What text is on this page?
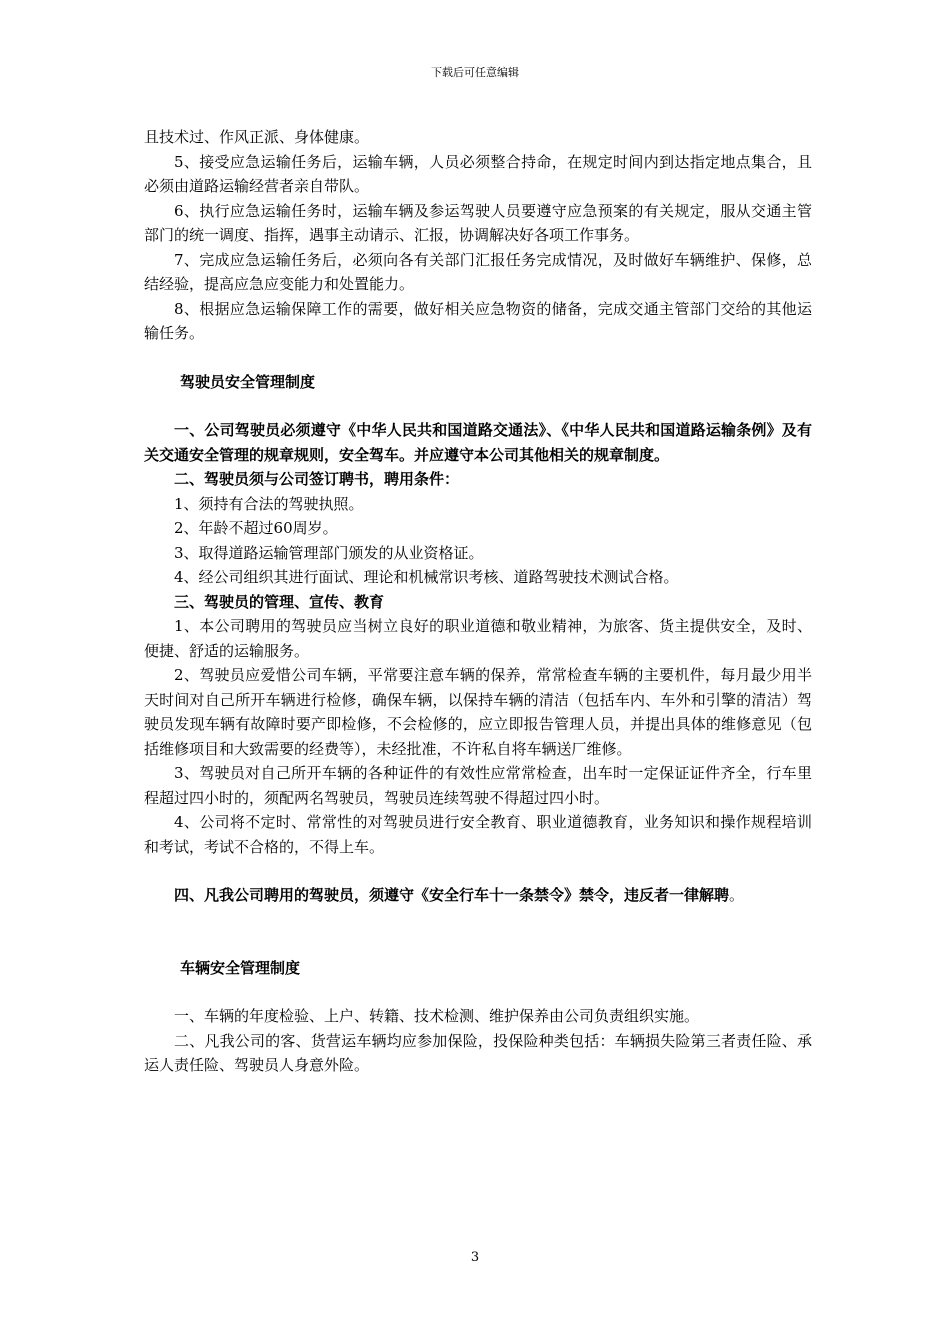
下载后可任意编辑

且技术过、作风正派、身体健康。

5、接受应急运输任务后，运输车辆，人员必须整合持命，在规定时间内到达指定地点集合，且必须由道路运输经营者亲自带队。

6、执行应急运输任务时，运输车辆及参运驾驶人员要遵守应急预案的有关规定，服从交通主管部门的统一调度、指挥，遇事主动请示、汇报，协调解决好各项工作事务。

7、完成应急运输任务后，必须向各有关部门汇报任务完成情况，及时做好车辆维护、保修，总结经验，提高应急应变能力和处置能力。

8、根据应急运输保障工作的需要，做好相关应急物资的储备，完成交通主管部门交给的其他运输任务。

驾驶员安全管理制度

一、公司驾驶员必须遵守《中华人民共和国道路交通法》、《中华人民共和国道路运输条例》及有关交通安全管理的规章规则，安全驾车。并应遵守本公司其他相关的规章制度。

二、驾驶员须与公司签订聘书，聘用条件：

1、须持有合法的驾驶执照。

2、年龄不超过60周岁。

3、取得道路运输管理部门颁发的从业资格证。

4、经公司组织其进行面试、理论和机械常识考核、道路驾驶技术测试合格。

三、驾驶员的管理、宣传、教育

1、本公司聘用的驾驶员应当树立良好的职业道德和敬业精神，为旅客、货主提供安全，及时、便捷、舒适的运输服务。

2、驾驶员应爱惜公司车辆，平常要注意车辆的保养，常常检查车辆的主要机件，每月最少用半天时间对自己所开车辆进行检修，确保车辆，以保持车辆的清洁（包括车内、车外和引擎的清洁）驾驶员发现车辆有故障时要产即检修，不会检修的，应立即报告管理人员，并提出具体的维修意见（包括维修项目和大致需要的经费等），未经批准，不许私自将车辆送厂维修。

3、驾驶员对自己所开车辆的各种证件的有效性应常常检查，出车时一定保证证件齐全，行车里程超过四小时的，须配两名驾驶员，驾驶员连续驾驶不得超过四小时。

4、公司将不定时、常常性的对驾驶员进行安全教育、职业道德教育，业务知识和操作规程培训和考试，考试不合格的，不得上车。

四、凡我公司聘用的驾驶员，须遵守《安全行车十一条禁令》禁令，违反者一律解聘。

车辆安全管理制度

一、车辆的年度检验、上户、转籍、技术检测、维护保养由公司负责组织实施。

二、凡我公司的客、货营运车辆均应参加保险，投保险种类包括：车辆损失险第三者责任险、承运人责任险、驾驶员人身意外险。

3
